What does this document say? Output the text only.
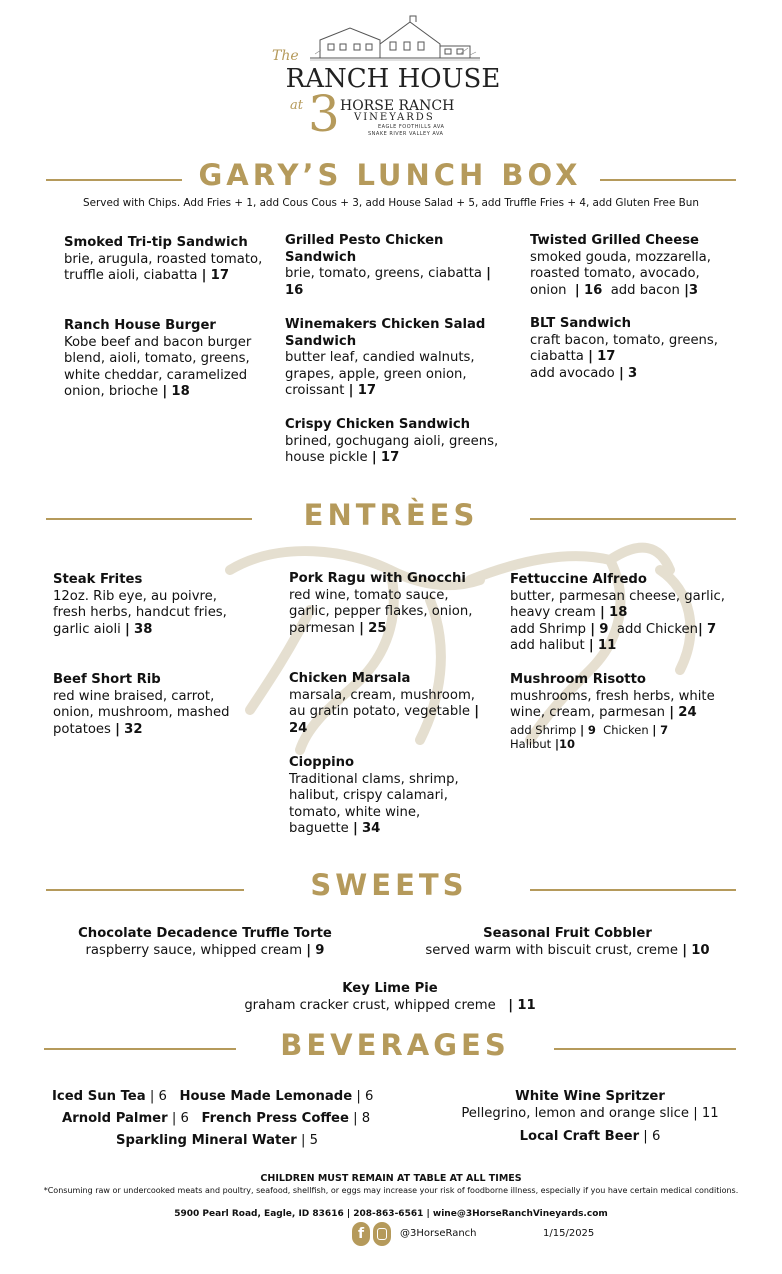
The
RANCH HOUSE
at 3 HORSE RANCH
VINEYARDS
EAGLE FOOTHILLS AVA
SNAKE RIVER VALLEY AVA
GARY’S LUNCH BOX
Served with Chips. Add Fries + 1, add Cous Cous + 3, add House Salad + 5, add Truffle Fries + 4, add Gluten Free Bun
Smoked Tri-tip Sandwich
brie, arugula, roasted tomato, truffle aioli, ciabatta | 17
Ranch House Burger
Kobe beef and bacon burger blend, aioli, tomato, greens, white cheddar, caramelized onion, brioche | 18
Grilled Pesto Chicken Sandwich
brie, tomato, greens, ciabatta | 16
Winemakers Chicken Salad Sandwich
butter leaf, candied walnuts, grapes, apple, green onion, croissant | 17
Crispy Chicken Sandwich
brined, gochugang aioli, greens, house pickle | 17
Twisted Grilled Cheese
smoked gouda, mozzarella, roasted tomato, avocado, onion | 16 add bacon |3
BLT Sandwich
craft bacon, tomato, greens, ciabatta | 17
add avocado | 3
ENTRÈES
Steak Frites
12oz. Rib eye, au poivre, fresh herbs, handcut fries, garlic aioli | 38
Beef Short Rib
red wine braised, carrot, onion, mushroom, mashed potatoes | 32
Pork Ragu with Gnocchi
red wine, tomato sauce, garlic, pepper flakes, onion, parmesan | 25
Chicken Marsala
marsala, cream, mushroom, au gratin potato, vegetable | 24
Cioppino
Traditional clams, shrimp, halibut, crispy calamari, tomato, white wine, baguette | 34
Fettuccine Alfredo
butter, parmesan cheese, garlic, heavy cream | 18
add Shrimp | 9 add Chicken| 7
add halibut | 11
Mushroom Risotto
mushrooms, fresh herbs, white wine, cream, parmesan | 24
add Shrimp | 9 Chicken | 7
Halibut |10
SWEETS
Chocolate Decadence Truffle Torte
raspberry sauce, whipped cream | 9
Seasonal Fruit Cobbler
served warm with biscuit crust, creme | 10
Key Lime Pie
graham cracker crust, whipped creme | 11
BEVERAGES
Iced Sun Tea | 6 House Made Lemonade | 6
Arnold Palmer | 6 French Press Coffee | 8
Sparkling Mineral Water | 5
White Wine Spritzer
Pellegrino, lemon and orange slice | 11
Local Craft Beer | 6
CHILDREN MUST REMAIN AT TABLE AT ALL TIMES
*Consuming raw or undercooked meats and poultry, seafood, shellfish, or eggs may increase your risk of foodborne illness, especially if you have certain medical conditions.
5900 Pearl Road, Eagle, ID 83616 | 208-863-6561 | wine@3HorseRanchVineyards.com
f	@3HorseRanch	1/15/2025
